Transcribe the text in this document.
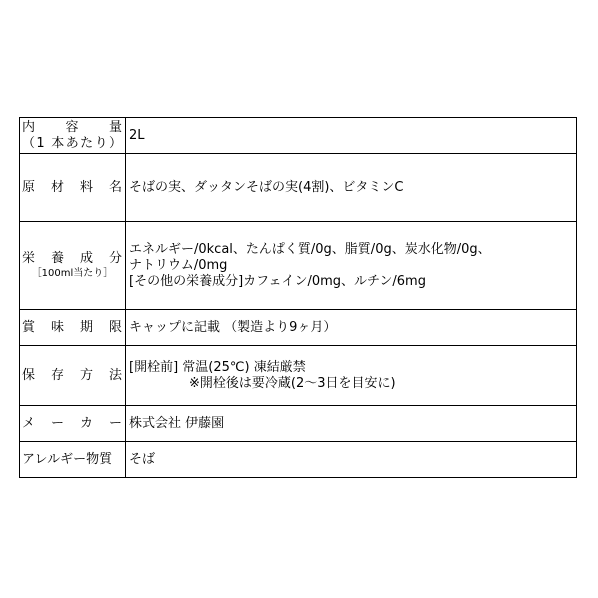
内 容 量
（1 本あたり）	2L

原 材 料 名	そばの実、ダッタンそばの実(4割)、ビタミンC

栄 養 成 分
［100ml当たり］	エネルギー/0kcal、たんぱく質/0g、脂質/0g、炭水化物/0g、
ナトリウム/0mg
[その他の栄養成分]カフェイン/0mg、ルチン/6mg

賞 味 期 限	キャップに記載 （製造より9ヶ月）

保 存 方 法	[開栓前] 常温(25℃) 凍結厳禁
※開栓後は要冷蔵(2〜3日を目安に)

メ ー カ ー	株式会社 伊藤園
アレルギー物質	そば
